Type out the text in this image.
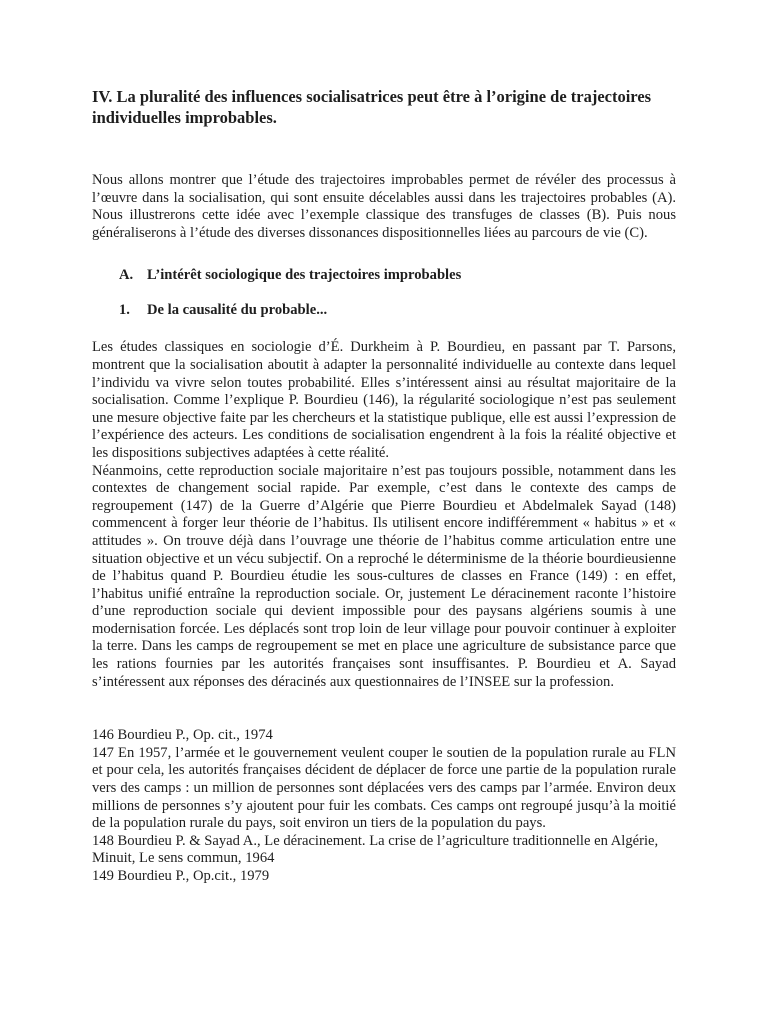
IV. La pluralité des influences socialisatrices peut être à l’origine de trajectoires individuelles improbables.

Nous allons montrer que l’étude des trajectoires improbables permet de révéler des processus à l’œuvre dans la socialisation, qui sont ensuite décelables aussi dans les trajectoires probables (A). Nous illustrerons cette idée avec l’exemple classique des transfuges de classes (B). Puis nous généraliserons à l’étude des diverses dissonances dispositionnelles liées au parcours de vie (C).

A. L’intérêt sociologique des trajectoires improbables
1.	De la causalité du probable...

Les études classiques en sociologie d’É. Durkheim à P. Bourdieu, en passant par T. Parsons, montrent que la socialisation aboutit à adapter la personnalité individuelle au contexte dans lequel l’individu va vivre selon toutes probabilité. Elles s’intéressent ainsi au résultat majoritaire de la socialisation. Comme l’explique P. Bourdieu (146), la régularité sociologique n’est pas seulement une mesure objective faite par les chercheurs et la statistique publique, elle est aussi l’expression de l’expérience des acteurs. Les conditions de socialisation engendrent à la fois la réalité objective et les dispositions subjectives adaptées à cette réalité.

Néanmoins, cette reproduction sociale majoritaire n’est pas toujours possible, notamment dans les contextes de changement social rapide. Par exemple, c’est dans le contexte des camps de regroupement (147) de la Guerre d’Algérie que Pierre Bourdieu et Abdelmalek Sayad (148) commencent à forger leur théorie de l’habitus. Ils utilisent encore indifféremment « habitus » et « attitudes ». On trouve déjà dans l’ouvrage une théorie de l’habitus comme articulation entre une situation objective et un vécu subjectif. On a reproché le déterminisme de la théorie bourdieusienne de l’habitus quand P. Bourdieu étudie les sous-cultures de classes en France (149) : en effet, l’habitus unifié entraîne la reproduction sociale. Or, justement Le déracinement raconte l’histoire d’une reproduction sociale qui devient impossible pour des paysans algériens soumis à une modernisation forcée. Les déplacés sont trop loin de leur village pour pouvoir continuer à exploiter la terre. Dans les camps de regroupement se met en place une agriculture de subsistance parce que les rations fournies par les autorités françaises sont insuffisantes. P. Bourdieu et A. Sayad s’intéressent aux réponses des déracinés aux questionnaires de l’INSEE sur la profession.

146 Bourdieu P., Op. cit., 1974

147 En 1957, l’armée et le gouvernement veulent couper le soutien de la population rurale au FLN et pour cela, les autorités françaises décident de déplacer de force une partie de la population rurale vers des camps : un million de personnes sont déplacées vers des camps par l’armée. Environ deux millions de personnes s’y ajoutent pour fuir les combats. Ces camps ont regroupé jusqu’à la moitié de la population rurale du pays, soit environ un tiers de la population du pays.

148 Bourdieu P. & Sayad A., Le déracinement. La crise de l’agriculture traditionnelle en Algérie,

Minuit, Le sens commun, 1964

149 Bourdieu P., Op.cit., 1979
